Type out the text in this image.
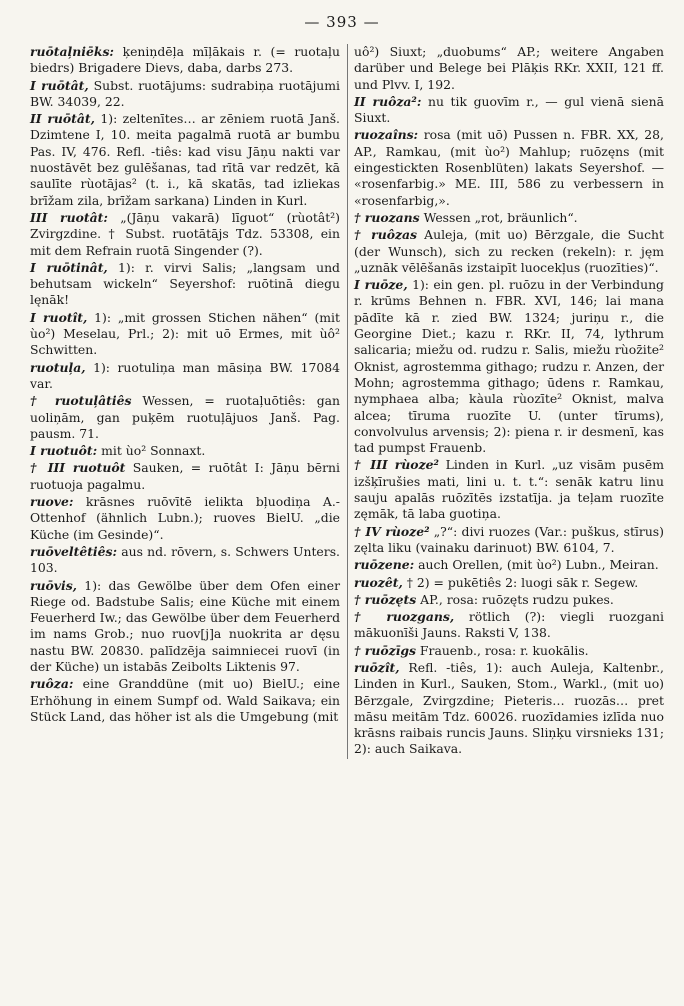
— 393 —

ruōtaļniēks: ķeniņdēļa mīļākais r. (= ruotaļu biedrs) Brigadere Dievs, daba, darbs 273.

I ruōtât, Subst. ruotājums: sudrabiņa ruotājumi BW. 34039, 22.

II ruōtât, 1): zeltenītes… ar zēniem ruotā Janš. Dzimtene I, 10. meita pagalmā ruotā ar bumbu Pas. IV, 476. Refl. -tiês: kad visu Jāņu nakti var nuostāvēt bez gulēšanas, tad rītā var redzēt, kā saulīte rùotājas² (t. i., kā skatās, tad izliekas brīžam zila, brīžam sarkana) Linden in Kurl.

III ruotât: „(Jāņu vakarā) līguot“ (rùotât²) Zvirgzdine. † Subst. ruotātājs Tdz. 53308, ein mit dem Refrain ruotā Singender (?).

I ruōtinât, 1): r. virvi Salis; „langsam und behutsam wickeln“ Seyershof: ruōtinā diegu lęnāk!

I ruotît, 1): „mit grossen Stichen nähen“ (mit ùo²) Meselau, Prl.; 2): mit uō Ermes, mit ùô² Schwitten.

ruotuļa, 1): ruotuliņa man māsiņa BW. 17084 var.

† ruotuļâtiês Wessen, = ruotaļuōtiês: gan uoliņām, gan puķēm ruotuļājuos Janš. Pag. pausm. 71.

I ruotuôt: mit ùo² Sonnaxt.

† III ruotuôt Sauken, = ruōtât I: Jāņu bērni ruotuoja pagalmu.

ruove: krāsnes ruōvītē ielikta bļuodiņa A.-Ottenhof (ähnlich Lubn.); ruoves BielU. „die Küche (im Gesinde)“.

ruōveltêtiês: aus nd. rōvern, s. Schwers Unters. 103.

ruōvis, 1): das Gewölbe über dem Ofen einer Riege od. Badstube Salis; eine Küche mit einem Feuerherd Iw.; das Gewölbe über dem Feuerherd im nams Grob.; nuo ruov[j]a nuokrita ar dęsu nastu BW. 20830. palīdzēja saimniecei ruovī (in der Küche) un istabās Zeibolts Liktenis 97.

ruôza: eine Granddüne (mit uo) BielU.; eine Erhöhung in einem Sumpf od. Wald Saikava; ein Stück Land, das höher ist als die Umgebung (mit

uô²) Siuxt; „duobums“ AP.; weitere Angaben darüber und Belege bei Plāķis RKr. XXII, 121 ff. und Plvv. I, 192.

II ruôza²: nu tik guovīm r., — gul vienā sienā Siuxt.

ruozaîns: rosa (mit uō) Pussen n. FBR. XX, 28, AP., Ramkau, (mit ùo²) Mahlup; ruōzęns (mit eingestickten Rosenblüten) lakats Seyershof. — «rosenfarbig.» ME. III, 586 zu verbessern in «rosenfarbig,».

† ruozans Wessen „rot, bräunlich“.

† ruôzas Auleja, (mit uo) Bērzgale, die Sucht (der Wunsch), sich zu recken (rekeln): r. jęm „uznāk vēlēšanās izstaipīt luocekļus (ruozīties)“.

I ruōze, 1): ein gen. pl. ruōzu in der Verbindung r. krūms Behnen n. FBR. XVI, 146; lai mana pādīte kā r. zied BW. 1324; juriņu r., die Georgine Diet.; kazu r. RKr. II, 74, lythrum salicaria; miežu od. rudzu r. Salis, miežu rùoz̄ite² Oknist, agrostemma githago; rudzu r. Anzen, der Mohn; agrostemma githago; ūdens r. Ramkau, nymphaea alba; kàula rùozīte² Oknist, malva alcea; tīruma ruozīte U. (unter tīrums), convolvulus arvensis; 2): piena r. ir desmenī, kas tad pumpst Frauenb.

† III rùoze² Linden in Kurl. „uz visām pusēm izšķīrušies mati, lini u. t. t.“: senāk katru linu sauju apalās ruōzītēs izstatīja. ja teļam ruozīte zęmāk, tā laba guotiņa.

† IV rùoze² „?“: divi ruozes (Var.: puškus, stīrus) zęlta liku (vainaku darinuot) BW. 6104, 7.

ruōzene: auch Orellen, (mit ùo²) Lubn., Meiran.

ruozêt, † 2) = pukētiês 2: luogi sāk r. Segew.

† ruōzęts AP., rosa: ruōzęts rudzu pukes.

† ruozgans, rötlich (?): viegli ruozgani mākuonīši Jauns. Raksti V, 138.

† ruōzīgs Frauenb., rosa: r. kuokālis.

ruōzît, Refl. -tiês, 1): auch Auleja, Kaltenbr., Linden in Kurl., Sauken, Stom., Warkl., (mit uo) Bērzgale, Zvirgzdine; Pieteris… ruozās… pret māsu meitām Tdz. 60026. ruozīdamies izlīda nuo krāsns raibais runcis Jauns. Sliņķu virsnieks 131; 2): auch Saikava.
